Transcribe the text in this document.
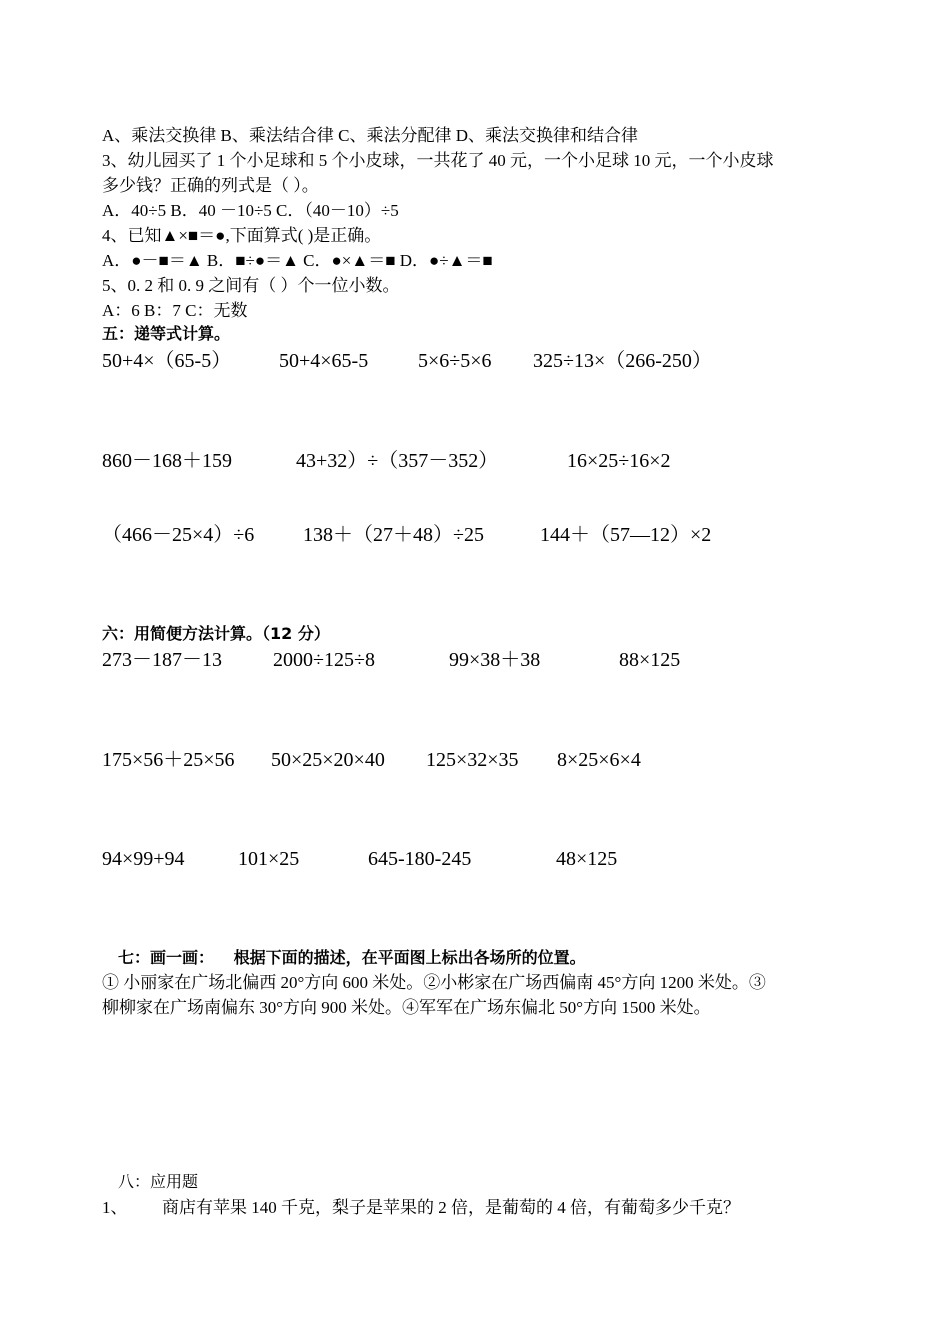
A、乘法交换律 B、乘法结合律 C、乘法分配律 D、乘法交换律和结合律
3、幼儿园买了 1 个小足球和 5 个小皮球，一共花了 40 元，一个小足球 10 元，一个小皮球
多少钱？正确的列式是（ ）。
A．40÷5 B．40 －10÷5 C．（40－10）÷5
4、已知▲×■＝●,下面算式( )是正确。
A．●－■＝▲ B．■÷●＝▲ C．●×▲＝■ D．●÷▲＝■
5、0. 2 和 0. 9 之间有（ ）个一位小数。
A：6 B：7 C：无数
五：递等式计算。
50+4×（65-5） 50+4×65-5 5×6÷5×6 325÷13×（266-250）
860－168＋159	43+32）÷（357－352）	16×25÷16×2
（466－25×4）÷6 138＋（27＋48）÷25	144＋（57—12）×2
六：用简便方法计算。（12 分）
273－187－13	2000÷125÷8	99×38＋38	88×125
175×56＋25×56 50×25×20×40 125×32×35 8×25×6×4
94×99+94	101×25	645-180-245	48×125
七：画一画： 根据下面的描述，在平面图上标出各场所的位置。
① 小丽家在广场北偏西 20°方向 600 米处。②小彬家在广场西偏南 45°方向 1200 米处。③
柳柳家在广场南偏东 30°方向 900 米处。④军军在广场东偏北 50°方向 1500 米处。
八：应用题
1、 商店有苹果 140 千克，梨子是苹果的 2 倍，是葡萄的 4 倍，有葡萄多少千克？
